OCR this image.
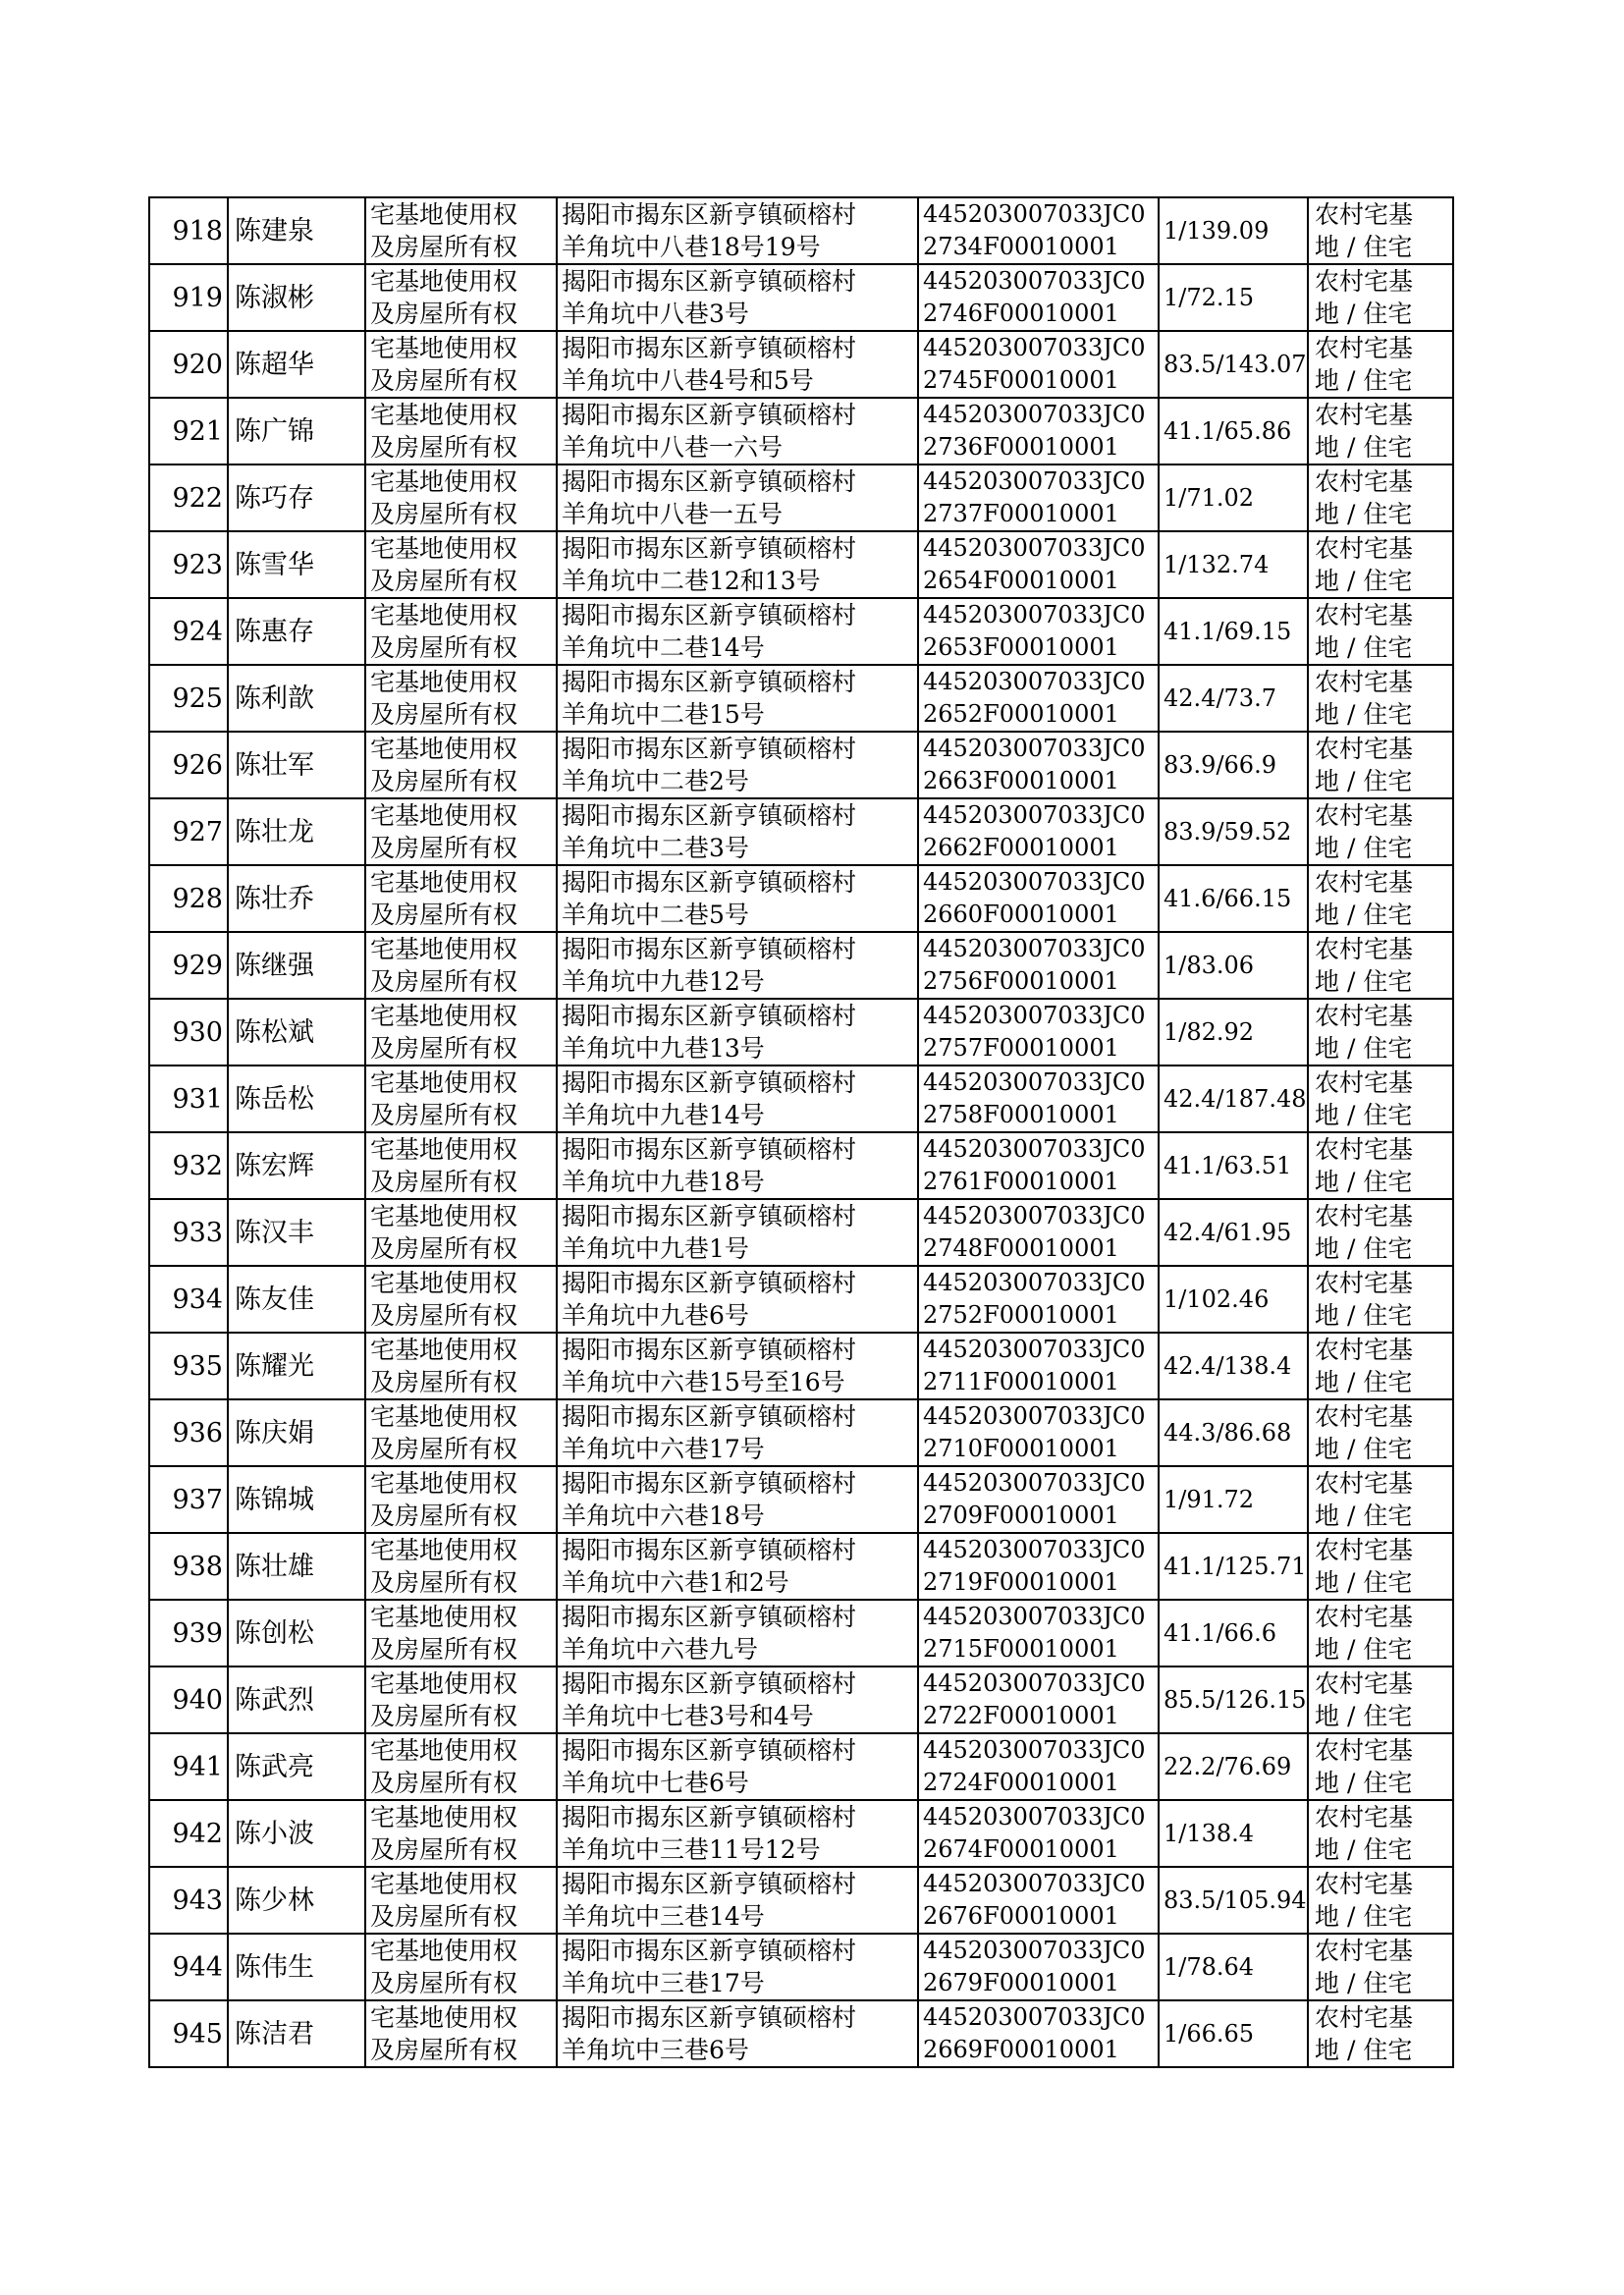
918	陈建泉	宅基地使用权
及房屋所有权	揭阳市揭东区新亨镇硕榕村
羊角坑中八巷18号19号	445203007033JC02734F00010001	1/139.09	农村宅基
地 / 住宅

919	陈淑彬	宅基地使用权
及房屋所有权	揭阳市揭东区新亨镇硕榕村
羊角坑中八巷3号	445203007033JC02746F00010001	1/72.15	农村宅基
地 / 住宅

920	陈超华	宅基地使用权
及房屋所有权	揭阳市揭东区新亨镇硕榕村
羊角坑中八巷4号和5号	445203007033JC02745F00010001	83.5/143.07	农村宅基
地 / 住宅

921	陈广锦	宅基地使用权
及房屋所有权	揭阳市揭东区新亨镇硕榕村
羊角坑中八巷一六号	445203007033JC02736F00010001	41.1/65.86	农村宅基
地 / 住宅

922	陈巧存	宅基地使用权
及房屋所有权	揭阳市揭东区新亨镇硕榕村
羊角坑中八巷一五号	445203007033JC02737F00010001	1/71.02	农村宅基
地 / 住宅

923	陈雪华	宅基地使用权
及房屋所有权	揭阳市揭东区新亨镇硕榕村
羊角坑中二巷12和13号	445203007033JC02654F00010001	1/132.74	农村宅基
地 / 住宅

924	陈惠存	宅基地使用权
及房屋所有权	揭阳市揭东区新亨镇硕榕村
羊角坑中二巷14号	445203007033JC02653F00010001	41.1/69.15	农村宅基
地 / 住宅

925	陈利歆	宅基地使用权
及房屋所有权	揭阳市揭东区新亨镇硕榕村
羊角坑中二巷15号	445203007033JC02652F00010001	42.4/73.7	农村宅基
地 / 住宅

926	陈壮军	宅基地使用权
及房屋所有权	揭阳市揭东区新亨镇硕榕村
羊角坑中二巷2号	445203007033JC02663F00010001	83.9/66.9	农村宅基
地 / 住宅

927	陈壮龙	宅基地使用权
及房屋所有权	揭阳市揭东区新亨镇硕榕村
羊角坑中二巷3号	445203007033JC02662F00010001	83.9/59.52	农村宅基
地 / 住宅

928	陈壮乔	宅基地使用权
及房屋所有权	揭阳市揭东区新亨镇硕榕村
羊角坑中二巷5号	445203007033JC02660F00010001	41.6/66.15	农村宅基
地 / 住宅

929	陈继强	宅基地使用权
及房屋所有权	揭阳市揭东区新亨镇硕榕村
羊角坑中九巷12号	445203007033JC02756F00010001	1/83.06	农村宅基
地 / 住宅

930	陈松斌	宅基地使用权
及房屋所有权	揭阳市揭东区新亨镇硕榕村
羊角坑中九巷13号	445203007033JC02757F00010001	1/82.92	农村宅基
地 / 住宅

931	陈岳松	宅基地使用权
及房屋所有权	揭阳市揭东区新亨镇硕榕村
羊角坑中九巷14号	445203007033JC02758F00010001	42.4/187.48	农村宅基
地 / 住宅

932	陈宏辉	宅基地使用权
及房屋所有权	揭阳市揭东区新亨镇硕榕村
羊角坑中九巷18号	445203007033JC02761F00010001	41.1/63.51	农村宅基
地 / 住宅

933	陈汉丰	宅基地使用权
及房屋所有权	揭阳市揭东区新亨镇硕榕村
羊角坑中九巷1号	445203007033JC02748F00010001	42.4/61.95	农村宅基
地 / 住宅

934	陈友佳	宅基地使用权
及房屋所有权	揭阳市揭东区新亨镇硕榕村
羊角坑中九巷6号	445203007033JC02752F00010001	1/102.46	农村宅基
地 / 住宅

935	陈耀光	宅基地使用权
及房屋所有权	揭阳市揭东区新亨镇硕榕村
羊角坑中六巷15号至16号	445203007033JC02711F00010001	42.4/138.4	农村宅基
地 / 住宅

936	陈庆娟	宅基地使用权
及房屋所有权	揭阳市揭东区新亨镇硕榕村
羊角坑中六巷17号	445203007033JC02710F00010001	44.3/86.68	农村宅基
地 / 住宅

937	陈锦城	宅基地使用权
及房屋所有权	揭阳市揭东区新亨镇硕榕村
羊角坑中六巷18号	445203007033JC02709F00010001	1/91.72	农村宅基
地 / 住宅

938	陈壮雄	宅基地使用权
及房屋所有权	揭阳市揭东区新亨镇硕榕村
羊角坑中六巷1和2号	445203007033JC02719F00010001	41.1/125.71	农村宅基
地 / 住宅

939	陈创松	宅基地使用权
及房屋所有权	揭阳市揭东区新亨镇硕榕村
羊角坑中六巷九号	445203007033JC02715F00010001	41.1/66.6	农村宅基
地 / 住宅

940	陈武烈	宅基地使用权
及房屋所有权	揭阳市揭东区新亨镇硕榕村
羊角坑中七巷3号和4号	445203007033JC02722F00010001	85.5/126.15	农村宅基
地 / 住宅

941	陈武亮	宅基地使用权
及房屋所有权	揭阳市揭东区新亨镇硕榕村
羊角坑中七巷6号	445203007033JC02724F00010001	22.2/76.69	农村宅基
地 / 住宅

942	陈小波	宅基地使用权
及房屋所有权	揭阳市揭东区新亨镇硕榕村
羊角坑中三巷11号12号	445203007033JC02674F00010001	1/138.4	农村宅基
地 / 住宅

943	陈少林	宅基地使用权
及房屋所有权	揭阳市揭东区新亨镇硕榕村
羊角坑中三巷14号	445203007033JC02676F00010001	83.5/105.94	农村宅基
地 / 住宅

944	陈伟生	宅基地使用权
及房屋所有权	揭阳市揭东区新亨镇硕榕村
羊角坑中三巷17号	445203007033JC02679F00010001	1/78.64	农村宅基
地 / 住宅

945	陈洁君	宅基地使用权
及房屋所有权	揭阳市揭东区新亨镇硕榕村
羊角坑中三巷6号	445203007033JC02669F00010001	1/66.65	农村宅基
地 / 住宅
